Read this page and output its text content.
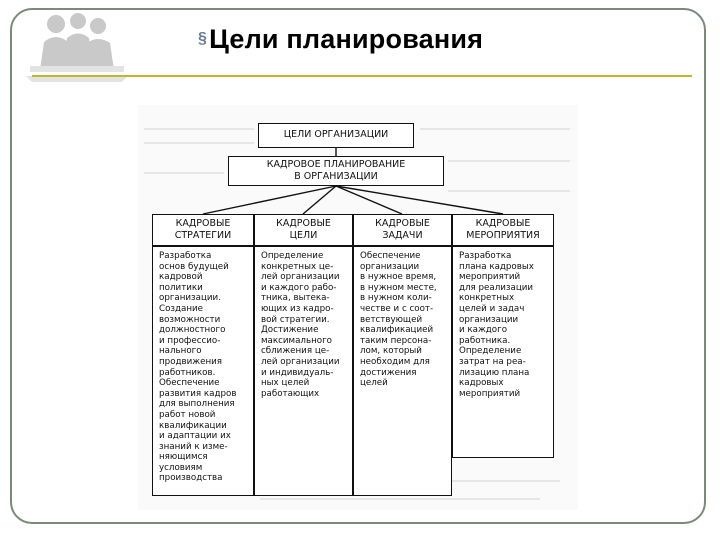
§Цели планирования
ЦЕЛИ ОРГАНИЗАЦИИ
КАДРОВОЕ ПЛАНИРОВАНИЕ
В ОРГАНИЗАЦИИ
КАДРОВЫЕ
СТРАТЕГИИ
КАДРОВЫЕ
ЦЕЛИ
КАДРОВЫЕ
ЗАДАЧИ
КАДРОВЫЕ
МЕРОПРИЯТИЯ
Разработка
основ будущей
кадровой
политики
организации.
Создание
возможности
должностного
и профессио-
нального
продвижения
работников.
Обеспечение
развития кадров
для выполнения
работ новой
квалификации
и адаптации их
знаний к изме-
няющимся
условиям
производства
Определение
конкретных це-
лей организации
и каждого рабо-
тника, вытека-
ющих из кадро-
вой стратегии.
Достижение
максимального
сближения це-
лей организации
и индивидуаль-
ных целей
работающих
Обеспечение
организации
в нужное время,
в нужном месте,
в нужном коли-
честве и с соот-
ветствующей
квалификацией
таким персона-
лом, который
необходим для
достижения
целей
Разработка
плана кадровых
мероприятий
для реализации
конкретных
целей и задач
организации
и каждого
работника.
Определение
затрат на реа-
лизацию плана
кадровых
мероприятий
